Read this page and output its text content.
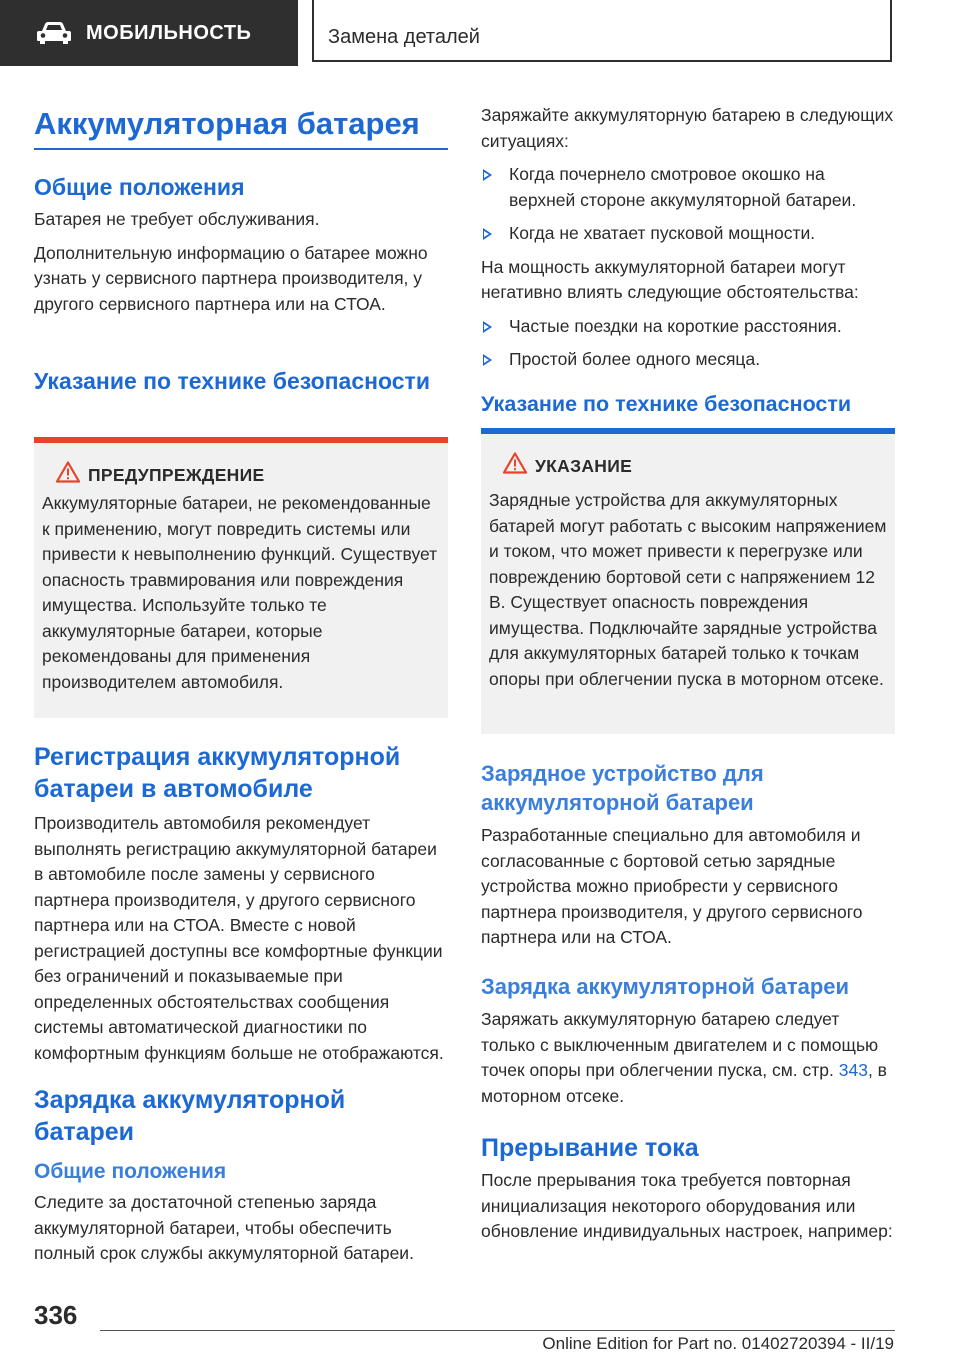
МОБИЛЬНОСТЬ	Замена деталей
Аккумуляторная батарея
Общие положения

Батарея не требует обслуживания.

Дополнительную информацию о батарее можно узнать у сервисного партнера производителя, у другого сервисного партнера или на СТОА.

Указание по технике безопасности
ПРЕДУПРЕЖДЕНИЕ
Аккумуляторные батареи, не рекомендованные к применению, могут повредить системы или привести к невыполнению функций. Существует опасность травмирования или повреждения имущества. Используйте только те аккумуляторные батареи, которые рекомендованы для применения производителем автомобиля.
Регистрация аккумуляторной батареи в автомобиле

Производитель автомобиля рекомендует выполнять регистрацию аккумуляторной батареи в автомобиле после замены у сервисного партнера производителя, у другого сервисного партнера или на СТОА. Вместе с новой регистрацией доступны все комфортные функции без ограничений и показываемые при определенных обстоятельствах сообщения системы автоматической диагностики по комфортным функциям больше не отображаются.

Зарядка аккумуляторной батареи
Общие положения

Следите за достаточной степенью заряда аккумуляторной батареи, чтобы обеспечить полный срок службы аккумуляторной батареи.

Заряжайте аккумуляторную батарею в следующих ситуациях:

Когда почернело смотровое окошко на верхней стороне аккумуляторной батареи.
Когда не хватает пусковой мощности.

На мощность аккумуляторной батареи могут негативно влиять следующие обстоятельства:

Частые поездки на короткие расстояния.
Простой более одного месяца.
Указание по технике безопасности
УКАЗАНИЕ
Зарядные устройства для аккумуляторных батарей могут работать с высоким напряжением и током, что может привести к перегрузке или повреждению бортовой сети с напряжением 12 В. Существует опасность повреждения имущества. Подключайте зарядные устройства для аккумуляторных батарей только к точкам опоры при облегчении пуска в моторном отсеке.
Зарядное устройство для аккумуляторной батареи

Разработанные специально для автомобиля и согласованные с бортовой сетью зарядные устройства можно приобрести у сервисного партнера производителя, у другого сервисного партнера или на СТОА.

Зарядка аккумуляторной батареи

Заряжать аккумуляторную батарею следует только с выключенным двигателем и с помощью точек опоры при облегчении пуска, см. стр. 343, в моторном отсеке.

Прерывание тока

После прерывания тока требуется повторная инициализация некоторого оборудования или обновление индивидуальных настроек, например:

336
Online Edition for Part no. 01402720394 - II/19
